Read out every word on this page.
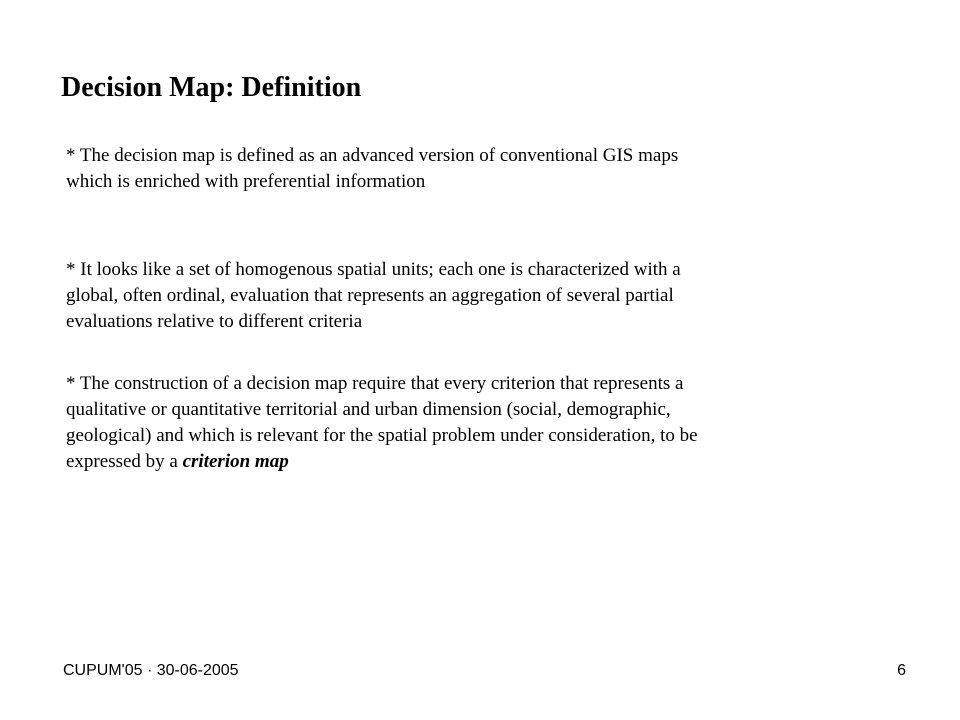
Decision Map: Definition

* The decision map is defined as an advanced version of conventional GIS maps
which is enriched with preferential information

* It looks like a set of homogenous spatial units; each one is characterized with a
global, often ordinal, evaluation that represents an aggregation of several partial
evaluations relative to different criteria

* The construction of a decision map require that every criterion that represents a
qualitative or quantitative territorial and urban dimension (social, demographic,
geological) and which is relevant for the spatial problem under consideration, to be
expressed by a criterion map

CUPUM'05 · 30-06-2005	6
